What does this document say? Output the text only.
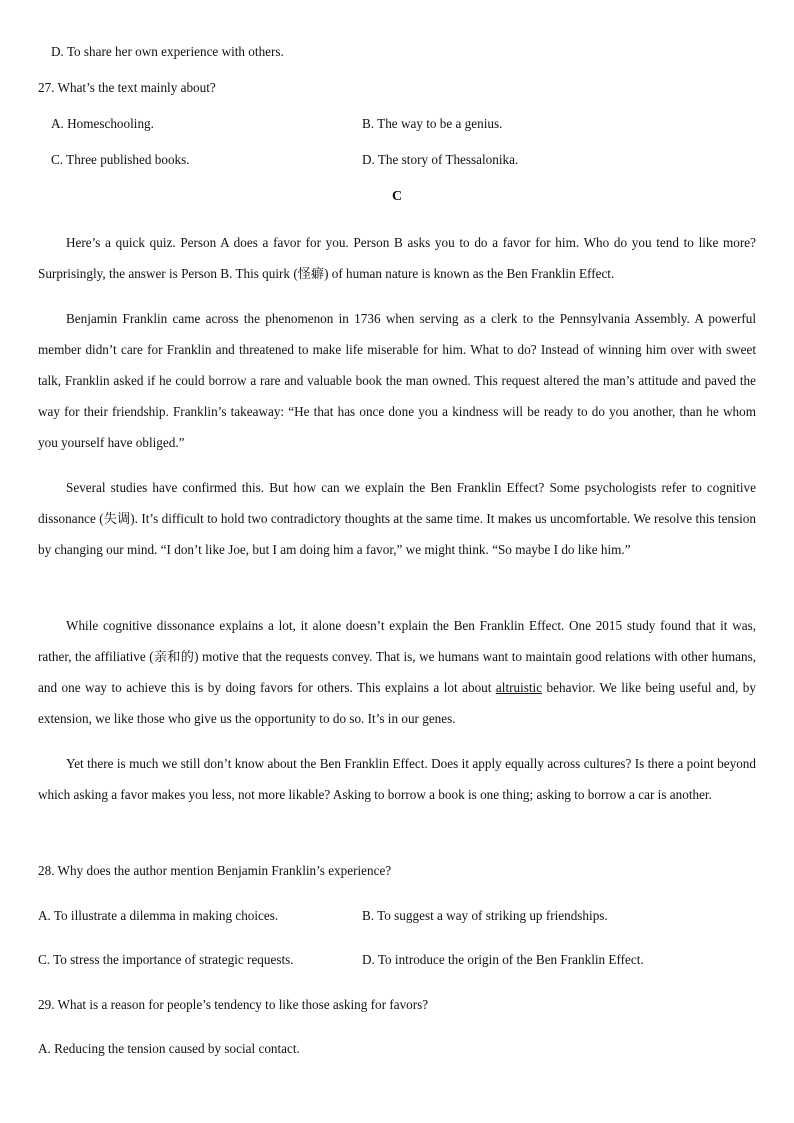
D. To share her own experience with others.
27. What’s the text mainly about?
A. Homeschooling.	B. The way to be a genius.
C. Three published books.	D. The story of Thessalonika.
C
Here’s a quick quiz. Person A does a favor for you. Person B asks you to do a favor for him. Who do you tend to like more? Surprisingly, the answer is Person B. This quirk (怪癖) of human nature is known as the Ben Franklin Effect.
Benjamin Franklin came across the phenomenon in 1736 when serving as a clerk to the Pennsylvania Assembly. A powerful member didn’t care for Franklin and threatened to make life miserable for him. What to do? Instead of winning him over with sweet talk, Franklin asked if he could borrow a rare and valuable book the man owned. This request altered the man’s attitude and paved the way for their friendship. Franklin’s takeaway: “He that has once done you a kindness will be ready to do you another, than he whom you yourself have obliged.”
Several studies have confirmed this. But how can we explain the Ben Franklin Effect? Some psychologists refer to cognitive dissonance (失调). It’s difficult to hold two contradictory thoughts at the same time. It makes us uncomfortable. We resolve this tension by changing our mind. “I don’t like Joe, but I am doing him a favor,” we might think. “So maybe I do like him.”
While cognitive dissonance explains a lot, it alone doesn’t explain the Ben Franklin Effect. One 2015 study found that it was, rather, the affiliative (亲和的) motive that the requests convey. That is, we humans want to maintain good relations with other humans, and one way to achieve this is by doing favors for others. This explains a lot about altruistic behavior. We like being useful and, by extension, we like those who give us the opportunity to do so. It’s in our genes.
Yet there is much we still don’t know about the Ben Franklin Effect. Does it apply equally across cultures? Is there a point beyond which asking a favor makes you less, not more likable? Asking to borrow a book is one thing; asking to borrow a car is another.
28. Why does the author mention Benjamin Franklin’s experience?
A. To illustrate a dilemma in making choices.	B. To suggest a way of striking up friendships.
C. To stress the importance of strategic requests.	D. To introduce the origin of the Ben Franklin Effect.
29. What is a reason for people’s tendency to like those asking for favors?
A. Reducing the tension caused by social contact.
